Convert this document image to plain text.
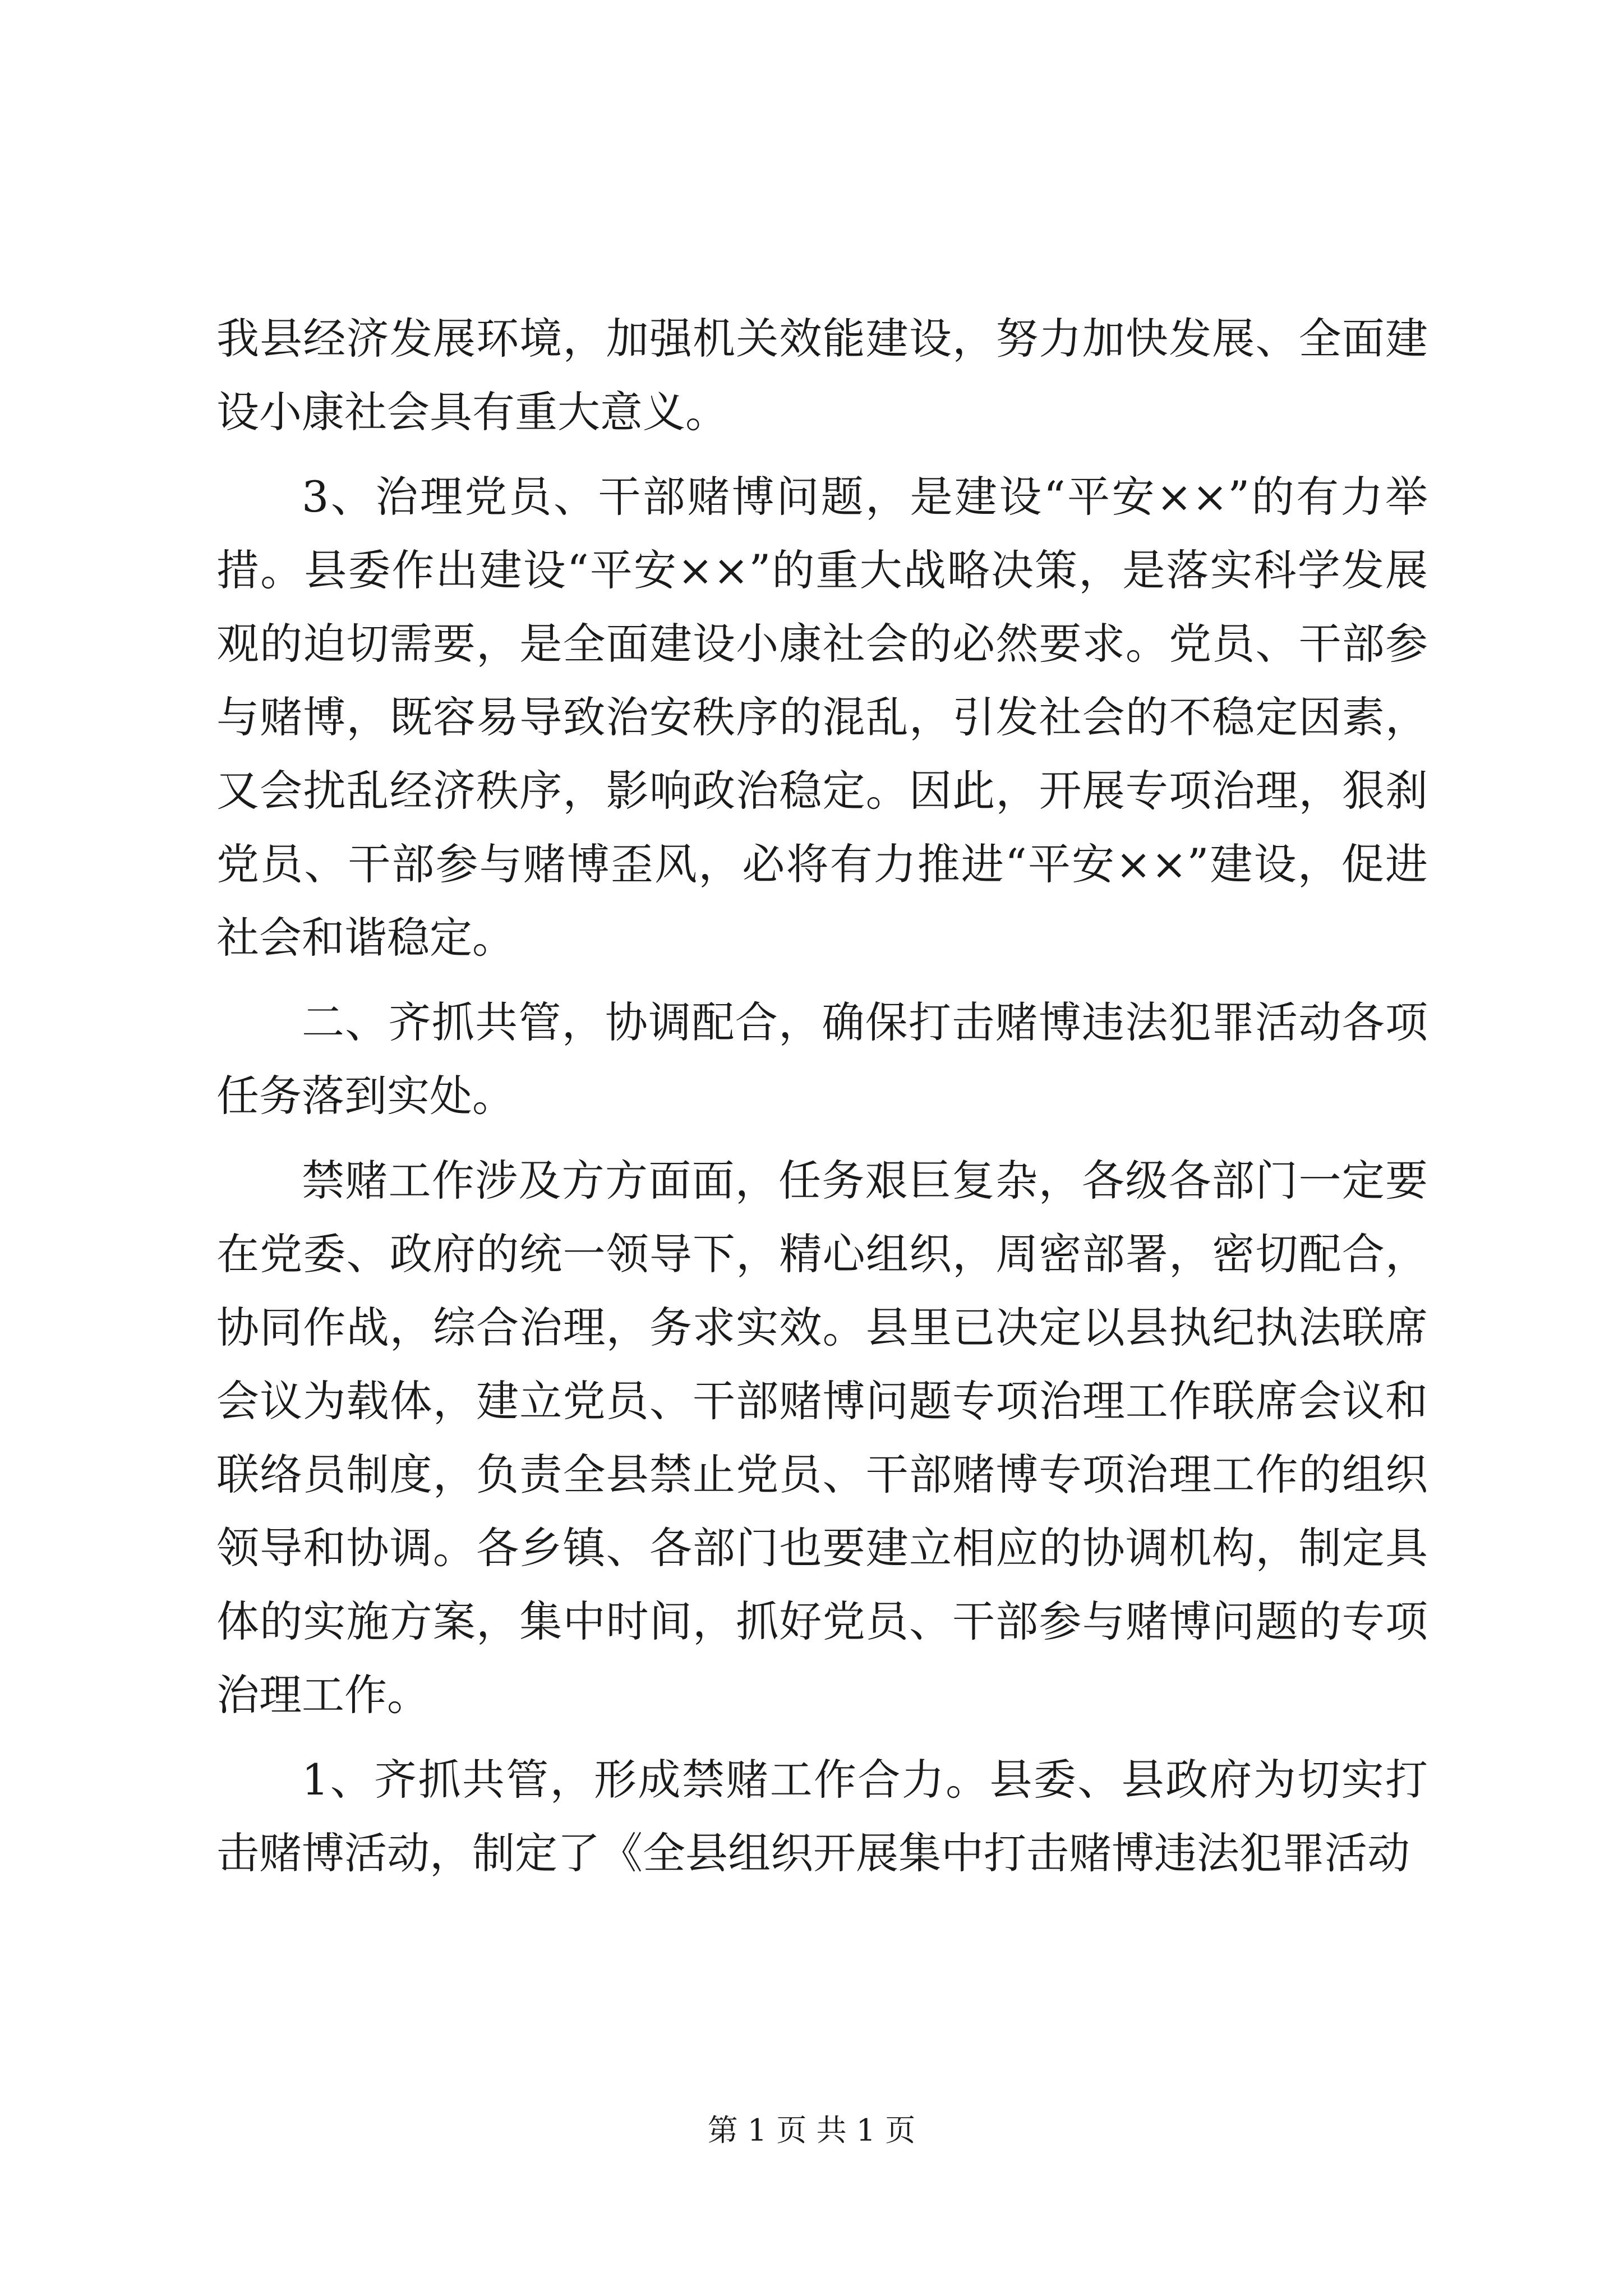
我县经济发展环境，加强机关效能建设，努力加快发展、全面建设小康社会具有重大意义。

3、治理党员、干部赌博问题，是建设“平安××”的有力举措。县委作出建设“平安××”的重大战略决策，是落实科学发展观的迫切需要，是全面建设小康社会的必然要求。党员、干部参与赌博，既容易导致治安秩序的混乱，引发社会的不稳定因素，又会扰乱经济秩序，影响政治稳定。因此，开展专项治理，狠刹党员、干部参与赌博歪风，必将有力推进“平安××”建设，促进社会和谐稳定。

二、齐抓共管，协调配合，确保打击赌博违法犯罪活动各项任务落到实处。

禁赌工作涉及方方面面，任务艰巨复杂，各级各部门一定要在党委、政府的统一领导下，精心组织，周密部署，密切配合，协同作战，综合治理，务求实效。县里已决定以县执纪执法联席会议为载体，建立党员、干部赌博问题专项治理工作联席会议和联络员制度，负责全县禁止党员、干部赌博专项治理工作的组织领导和协调。各乡镇、各部门也要建立相应的协调机构，制定具体的实施方案，集中时间，抓好党员、干部参与赌博问题的专项治理工作。

1、齐抓共管，形成禁赌工作合力。县委、县政府为切实打击赌博活动，制定了《全县组织开展集中打击赌博违法犯罪活动

第 1 页 共 1 页
